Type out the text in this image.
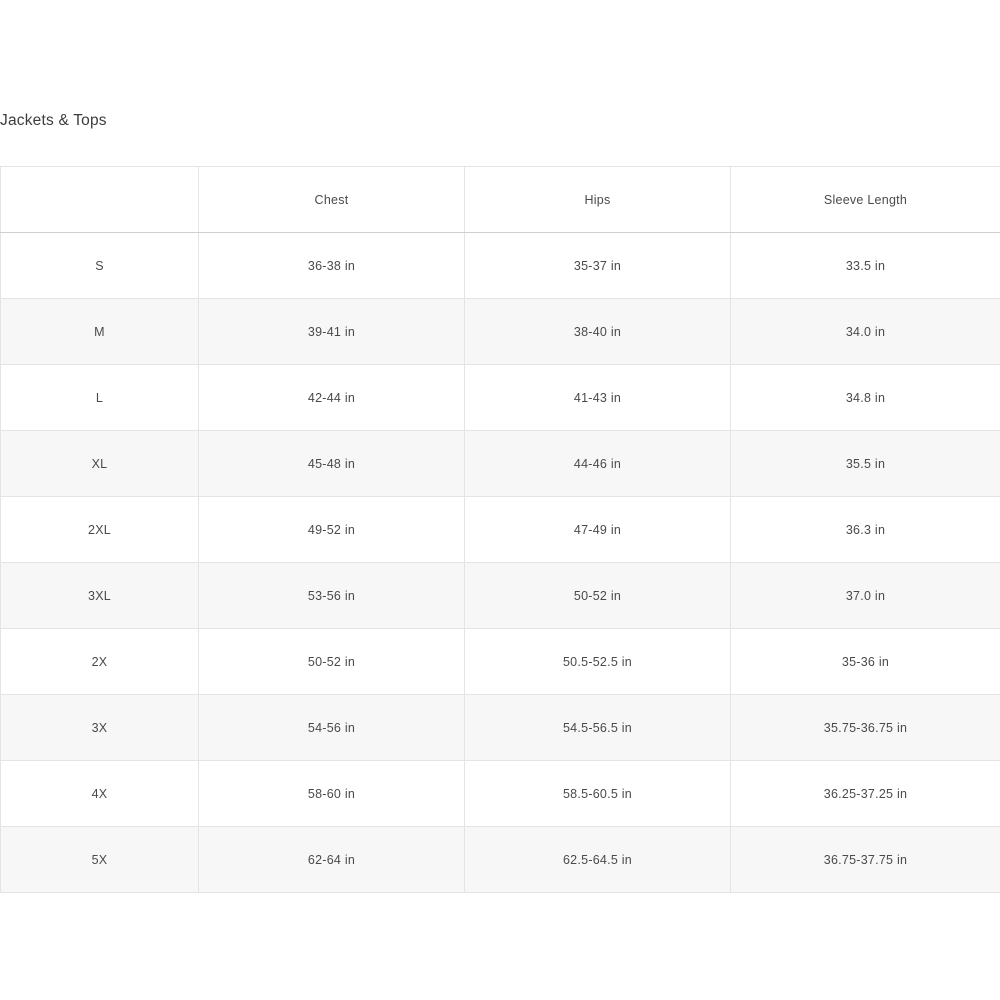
Jackets & Tops
	Chest	Hips	Sleeve Length
S	36-38 in	35-37 in	33.5 in
M	39-41 in	38-40 in	34.0 in
L	42-44 in	41-43 in	34.8 in
XL	45-48 in	44-46 in	35.5 in
2XL	49-52 in	47-49 in	36.3 in
3XL	53-56 in	50-52 in	37.0 in
2X	50-52 in	50.5-52.5 in	35-36 in
3X	54-56 in	54.5-56.5 in	35.75-36.75 in
4X	58-60 in	58.5-60.5 in	36.25-37.25 in
5X	62-64 in	62.5-64.5 in	36.75-37.75 in
